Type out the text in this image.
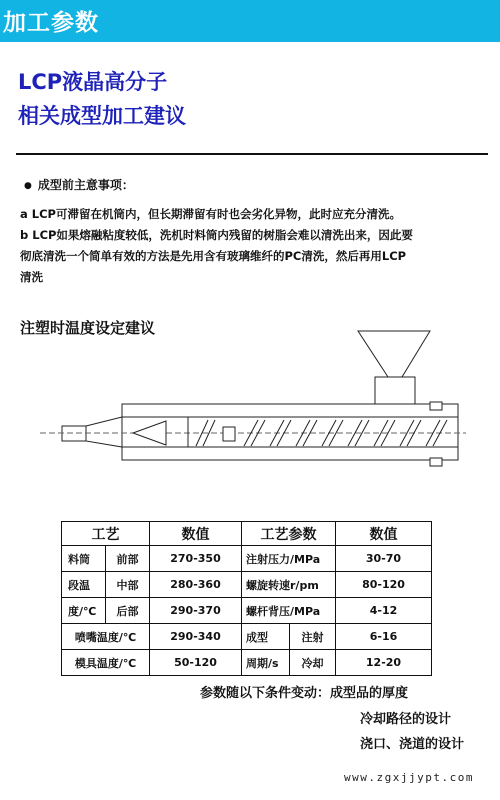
加工参数
LCP液晶高分子
相关成型加工建议
● 成型前主意事项：

a LCP可滞留在机筒内，但长期滞留有时也会劣化异物，此时应充分清洗。

b LCP如果熔融粘度较低，洗机时料筒内残留的树脂会难以清洗出来，因此要

彻底清洗一个简单有效的方法是先用含有玻璃维纤的PC清洗，然后再用LCP

清洗

注塑时温度设定建议
工艺		数值	工艺参数		数值
料筒	前部	270-350	注射压力/MPa		30-70
段温	中部	280-360	螺旋转速r/pm		80-120
度/℃	后部	290-370	螺杆背压/MPa		4-12
喷嘴温度/℃		290-340	成型	注射	6-16
模具温度/℃		50-120	周期/s	冷却	12-20
参数随以下条件变动：成型品的厚度
冷却路径的设计
浇口、浇道的设计
www.zgxjjypt.com
